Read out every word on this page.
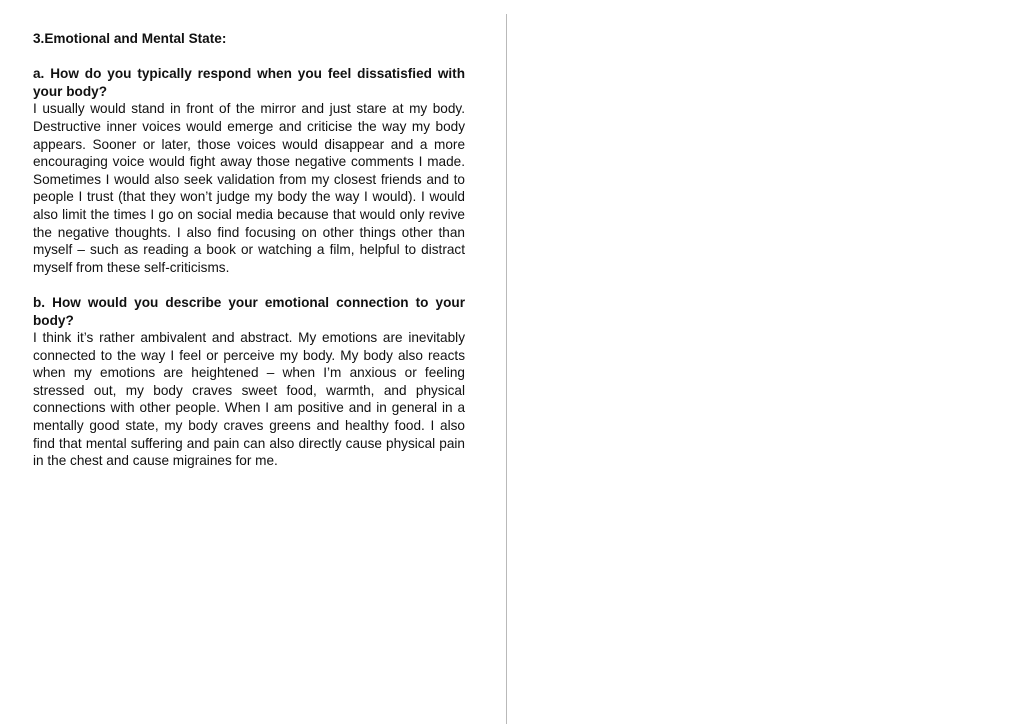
3.Emotional and Mental State:

a. How do you typically respond when you feel dissatisfied with your body?

I usually would stand in front of the mirror and just stare at my body. Destructive inner voices would emerge and criticise the way my body appears. Sooner or later, those voices would disappear and a more encouraging voice would fight away those negative comments I made. Sometimes I would also seek validation from my closest friends and to people I trust (that they won’t judge my body the way I would). I would also limit the times I go on social media because that would only revive the negative thoughts. I also find focusing on other things other than myself – such as reading a book or watching a film, helpful to distract myself from these self-criticisms.

b. How would you describe your emotional connection to your body?

I think it’s rather ambivalent and abstract. My emotions are inevitably connected to the way I feel or perceive my body. My body also reacts when my emotions are heightened – when I’m anxious or feeling stressed out, my body craves sweet food, warmth, and physical connections with other people. When I am positive and in general in a mentally good state, my body craves greens and healthy food. I also find that mental suffering and pain can also directly cause physical pain in the chest and cause migraines for me.
